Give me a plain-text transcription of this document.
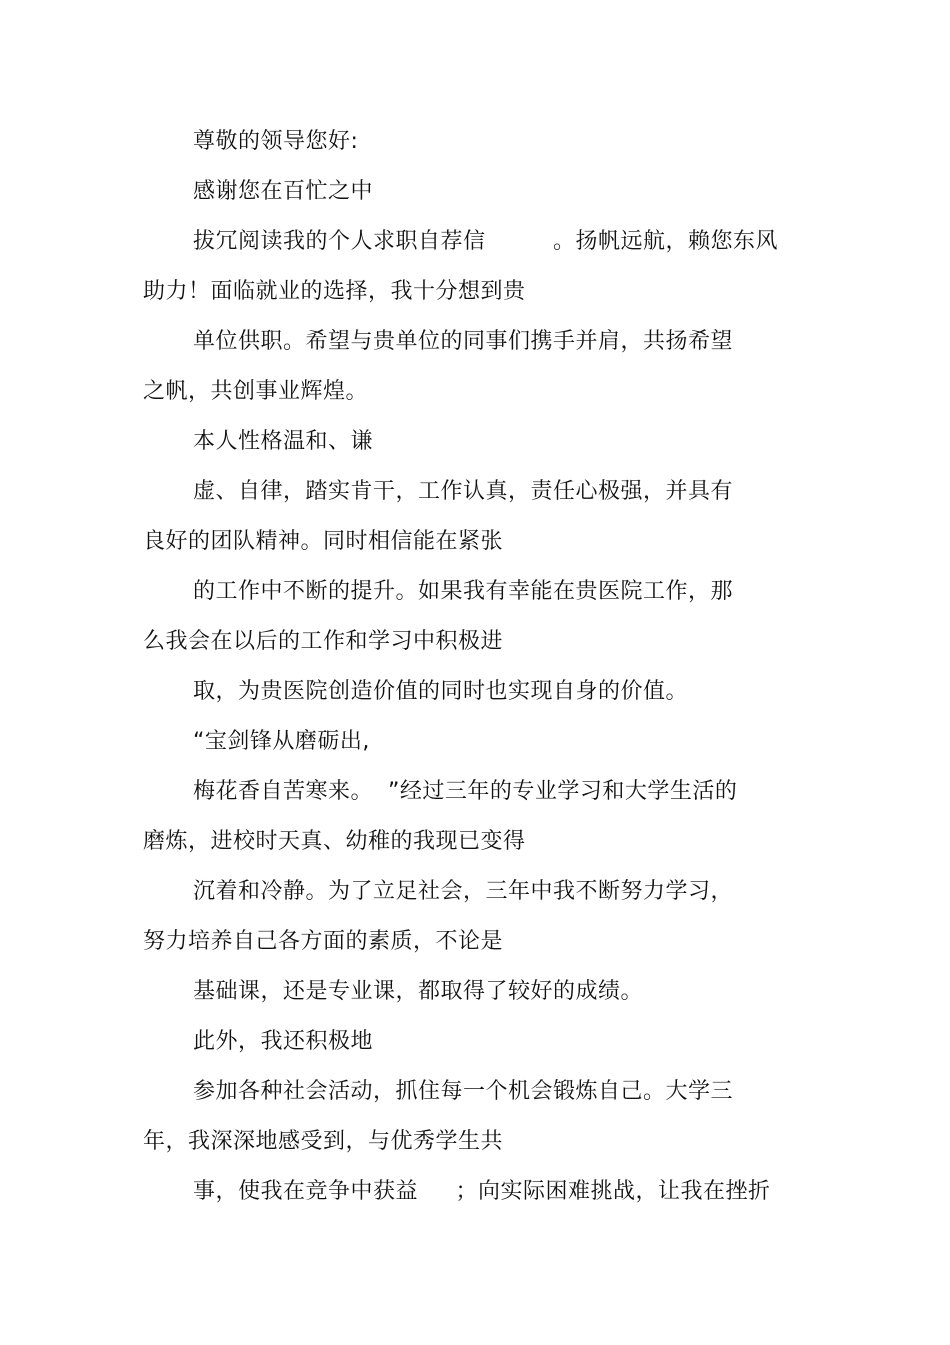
尊敬的领导您好:
感谢您在百忙之中
拔冗阅读我的个人求职自荐信         。扬帆远航，赖您东风
助力！面临就业的选择，我十分想到贵
单位供职。希望与贵单位的同事们携手并肩，共扬希望
之帆，共创事业辉煌。
本人性格温和、谦
虚、自律，踏实肯干，工作认真，责任心极强，并具有
良好的团队精神。同时相信能在紧张
的工作中不断的提升。如果我有幸能在贵医院工作，那
么我会在以后的工作和学习中积极进
取，为贵医院创造价值的同时也实现自身的价值。
“宝剑锋从磨砺出,
梅花香自苦寒来。  ”经过三年的专业学习和大学生活的
磨炼，进校时天真、幼稚的我现已变得
沉着和冷静。为了立足社会，三年中我不断努力学习，
努力培养自己各方面的素质，不论是
基础课，还是专业课，都取得了较好的成绩。
此外，我还积极地
参加各种社会活动，抓住每一个机会锻炼自己。大学三
年，我深深地感受到，与优秀学生共
事，使我在竞争中获益     ；向实际困难挑战，让我在挫折
